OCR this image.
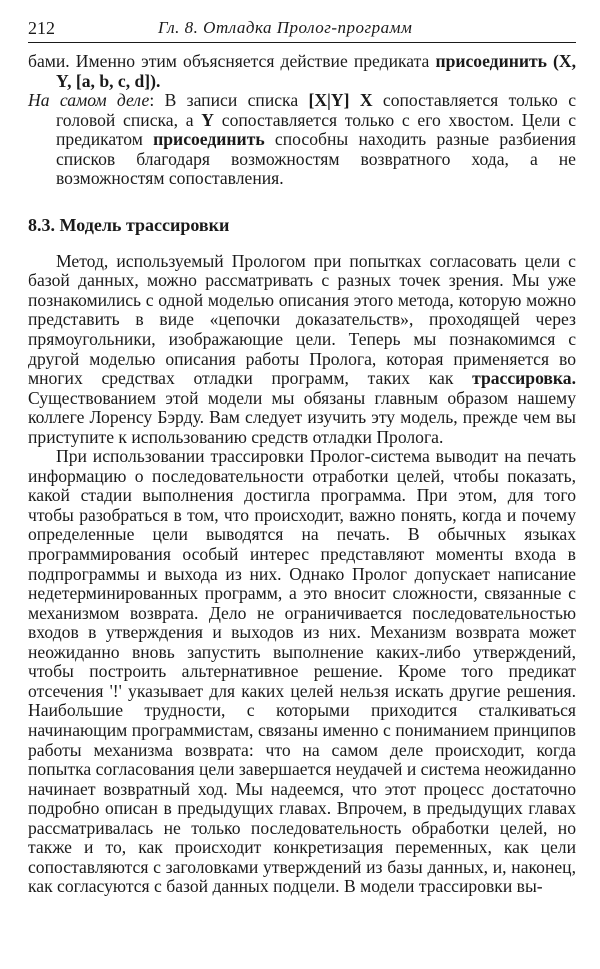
212	Гл. 8. Отладка Пролог-программ

бами. Именно этим объясняется действие предиката присоединить (X, Y, [a, b, c, d]).

На самом деле: В записи списка [X|Y] X сопоставляется только с головой списка, а Y сопоставляется только с его хвостом. Цели с предикатом присоединить способны находить разные разбиения списков благодаря возможностям возвратного хода, а не возможностям сопоставления.

8.3. Модель трассировки

Метод, используемый Прологом при попытках согласовать цели с базой данных, можно рассматривать с разных точек зрения. Мы уже познакомились с одной моделью описания этого метода, которую можно представить в виде «цепочки доказательств», проходящей через прямоугольники, изображающие цели. Теперь мы познакомимся с другой моделью описания работы Пролога, которая применяется во многих средствах отладки программ, таких как трассировка. Существованием этой модели мы обязаны главным образом нашему коллеге Лоренсу Бэрду. Вам следует изучить эту модель, прежде чем вы приступите к использованию средств отладки Пролога.

При использовании трассировки Пролог-система выводит на печать информацию о последовательности отработки целей, чтобы показать, какой стадии выполнения достигла программа. При этом, для того чтобы разобраться в том, что происходит, важно понять, когда и почему определенные цели выводятся на печать. В обычных языках программирования особый интерес представляют моменты входа в подпрограммы и выхода из них. Однако Пролог допускает написание недетерминированных программ, а это вносит сложности, связанные с механизмом возврата. Дело не ограничивается последовательностью входов в утверждения и выходов из них. Механизм возврата может неожиданно вновь запустить выполнение каких-либо утверждений, чтобы построить альтернативное решение. Кроме того предикат отсечения '!' указывает для каких целей нельзя искать другие решения. Наибольшие трудности, с которыми приходится сталкиваться начинающим программистам, связаны именно с пониманием принципов работы механизма возврата: что на самом деле происходит, когда попытка согласования цели завершается неудачей и система неожиданно начинает возвратный ход. Мы надеемся, что этот процесс достаточно подробно описан в предыдущих главах. Впрочем, в предыдущих главах рассматривалась не только последовательность обработки целей, но также и то, как происходит конкретизация переменных, как цели сопоставляются с заголовками утверждений из базы данных, и, наконец, как согласуются с базой данных подцели. В модели трассировки вы-
